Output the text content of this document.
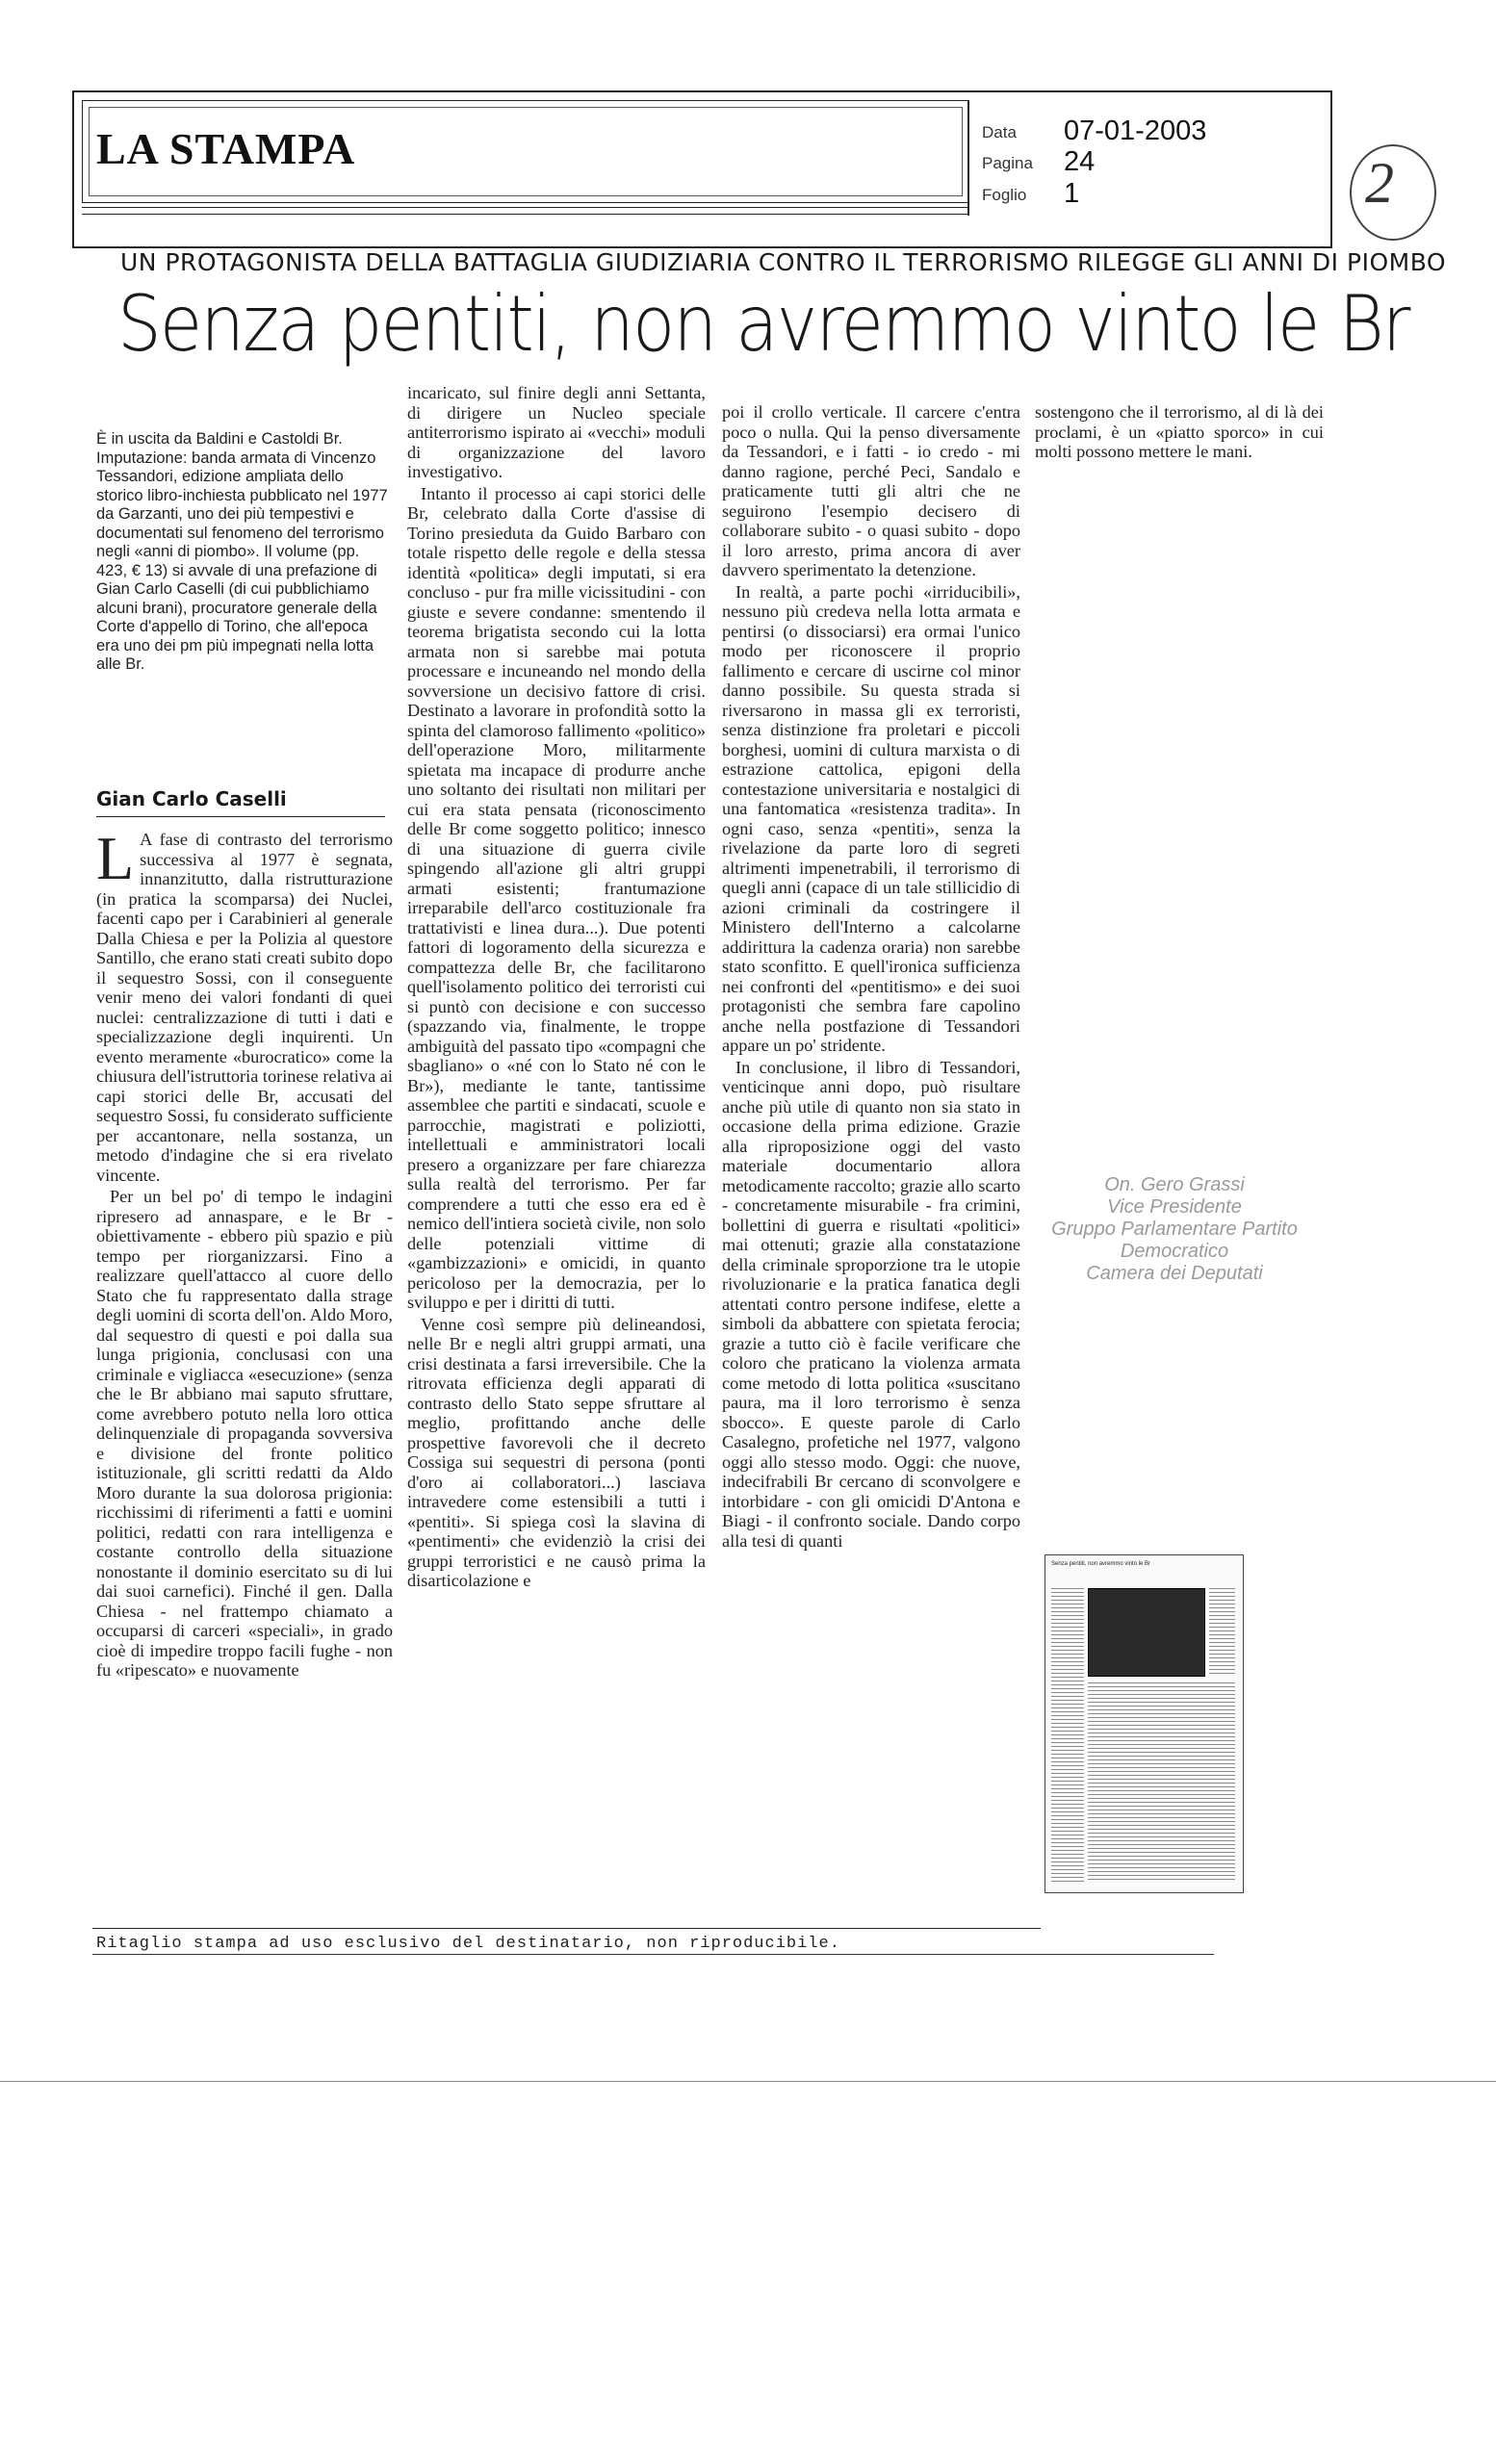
LA STAMPA	Data 07-01-2003
Pagina 24
Foglio 1	2
UN PROTAGONISTA DELLA BATTAGLIA GIUDIZIARIA CONTRO IL TERRORISMO RILEGGE GLI ANNI DI PIOMBO
Senza pentiti, non avremmo vinto le Br

È in uscita da Baldini e Castoldi Br. Imputazione: banda armata di Vincenzo Tessandori, edizione ampliata dello storico libro-inchiesta pubblicato nel 1977 da Garzanti, uno dei più tempestivi e documentati sul fenomeno del terrorismo negli «anni di piombo». Il volume (pp. 423, € 13) si avvale di una prefazione di Gian Carlo Caselli (di cui pubblichiamo alcuni brani), procuratore generale della Corte d'appello di Torino, che all'epoca era uno dei pm più impegnati nella lotta alle Br.

Gian Carlo Caselli

L A fase di contrasto del terrorismo successiva al 1977 è segnata, innanzitutto, dalla ristrutturazione (in pratica la scomparsa) dei Nuclei, facenti capo per i Carabinieri al generale Dalla Chiesa e per la Polizia al questore Santillo, che erano stati creati subito dopo il sequestro Sossi, con il conseguente venir meno dei valori fondanti di quei nuclei: centralizzazione di tutti i dati e specializzazione degli inquirenti. Un evento meramente «burocratico» come la chiusura dell'istruttoria torinese relativa ai capi storici delle Br, accusati del sequestro Sossi, fu considerato sufficiente per accantonare, nella sostanza, un metodo d'indagine che si era rivelato vincente.

Per un bel po' di tempo le indagini ripresero ad annaspare, e le Br - obiettivamente - ebbero più spazio e più tempo per riorganizzarsi. Fino a realizzare quell'attacco al cuore dello Stato che fu rappresentato dalla strage degli uomini di scorta dell'on. Aldo Moro, dal sequestro di questi e poi dalla sua lunga prigionia, conclusasi con una criminale e vigliacca «esecuzione» (senza che le Br abbiano mai saputo sfruttare, come avrebbero potuto nella loro ottica delinquenziale di propaganda sovversiva e divisione del fronte politico istituzionale, gli scritti redatti da Aldo Moro durante la sua dolorosa prigionia: ricchissimi di riferimenti a fatti e uomini politici, redatti con rara intelligenza e costante controllo della situazione nonostante il dominio esercitato su di lui dai suoi carnefici). Finché il gen. Dalla Chiesa - nel frattempo chiamato a occuparsi di carceri «speciali», in grado cioè di impedire troppo facili fughe - non fu «ripescato» e nuovamente

incaricato, sul finire degli anni Settanta, di dirigere un Nucleo speciale antiterrorismo ispirato ai «vecchi» moduli di organizzazione del lavoro investigativo.

Intanto il processo ai capi storici delle Br, celebrato dalla Corte d'assise di Torino presieduta da Guido Barbaro con totale rispetto delle regole e della stessa identità «politica» degli imputati, si era concluso - pur fra mille vicissitudini - con giuste e severe condanne: smentendo il teorema brigatista secondo cui la lotta armata non si sarebbe mai potuta processare e incuneando nel mondo della sovversione un decisivo fattore di crisi. Destinato a lavorare in profondità sotto la spinta del clamoroso fallimento «politico» dell'operazione Moro, militarmente spietata ma incapace di produrre anche uno soltanto dei risultati non militari per cui era stata pensata (riconoscimento delle Br come soggetto politico; innesco di una situazione di guerra civile spingendo all'azione gli altri gruppi armati esistenti; frantumazione irreparabile dell'arco costituzionale fra trattativisti e linea dura...). Due potenti fattori di logoramento della sicurezza e compattezza delle Br, che facilitarono quell'isolamento politico dei terroristi cui si puntò con decisione e con successo (spazzando via, finalmente, le troppe ambiguità del passato tipo «compagni che sbagliano» o «né con lo Stato né con le Br»), mediante le tante, tantissime assemblee che partiti e sindacati, scuole e parrocchie, magistrati e poliziotti, intellettuali e amministratori locali presero a organizzare per fare chiarezza sulla realtà del terrorismo. Per far comprendere a tutti che esso era ed è nemico dell'intiera società civile, non solo delle potenziali vittime di «gambizzazioni» e omicidi, in quanto pericoloso per la democrazia, per lo sviluppo e per i diritti di tutti.

Venne così sempre più delineandosi, nelle Br e negli altri gruppi armati, una crisi destinata a farsi irreversibile. Che la ritrovata efficienza degli apparati di contrasto dello Stato seppe sfruttare al meglio, profittando anche delle prospettive favorevoli che il decreto Cossiga sui sequestri di persona (ponti d'oro ai collaboratori...) lasciava intravedere come estensibili a tutti i «pentiti». Si spiega così la slavina di «pentimenti» che evidenziò la crisi dei gruppi terroristici e ne causò prima la disarticolazione e

poi il crollo verticale. Il carcere c'entra poco o nulla. Qui la penso diversamente da Tessandori, e i fatti - io credo - mi danno ragione, perché Peci, Sandalo e praticamente tutti gli altri che ne seguirono l'esempio decisero di collaborare subito - o quasi subito - dopo il loro arresto, prima ancora di aver davvero sperimentato la detenzione.

In realtà, a parte pochi «irriducibili», nessuno più credeva nella lotta armata e pentirsi (o dissociarsi) era ormai l'unico modo per riconoscere il proprio fallimento e cercare di uscirne col minor danno possibile. Su questa strada si riversarono in massa gli ex terroristi, senza distinzione fra proletari e piccoli borghesi, uomini di cultura marxista o di estrazione cattolica, epigoni della contestazione universitaria e nostalgici di una fantomatica «resistenza tradita». In ogni caso, senza «pentiti», senza la rivelazione da parte loro di segreti altrimenti impenetrabili, il terrorismo di quegli anni (capace di un tale stillicidio di azioni criminali da costringere il Ministero dell'Interno a calcolarne addirittura la cadenza oraria) non sarebbe stato sconfitto. E quell'ironica sufficienza nei confronti del «pentitismo» e dei suoi protagonisti che sembra fare capolino anche nella postfazione di Tessandori appare un po' stridente.

In conclusione, il libro di Tessandori, venticinque anni dopo, può risultare anche più utile di quanto non sia stato in occasione della prima edizione. Grazie alla riproposizione oggi del vasto materiale documentario allora metodicamente raccolto; grazie allo scarto - concretamente misurabile - fra crimini, bollettini di guerra e risultati «politici» mai ottenuti; grazie alla constatazione della criminale sproporzione tra le utopie rivoluzionarie e la pratica fanatica degli attentati contro persone indifese, elette a simboli da abbattere con spietata ferocia; grazie a tutto ciò è facile verificare che coloro che praticano la violenza armata come metodo di lotta politica «suscitano paura, ma il loro terrorismo è senza sbocco». E queste parole di Carlo Casalegno, profetiche nel 1977, valgono oggi allo stesso modo. Oggi: che nuove, indecifrabili Br cercano di sconvolgere e intorbidare - con gli omicidi D'Antona e Biagi - il confronto sociale. Dando corpo alla tesi di quanti

sostengono che il terrorismo, al di là dei proclami, è un «piatto sporco» in cui molti possono mettere le mani.

On. Gero Grassi
Vice Presidente
Gruppo Parlamentare Partito Democratico
Camera dei Deputati
Senza pentiti, non avremmo vinto le Br
Ritaglio stampa ad uso esclusivo del destinatario, non riproducibile.
